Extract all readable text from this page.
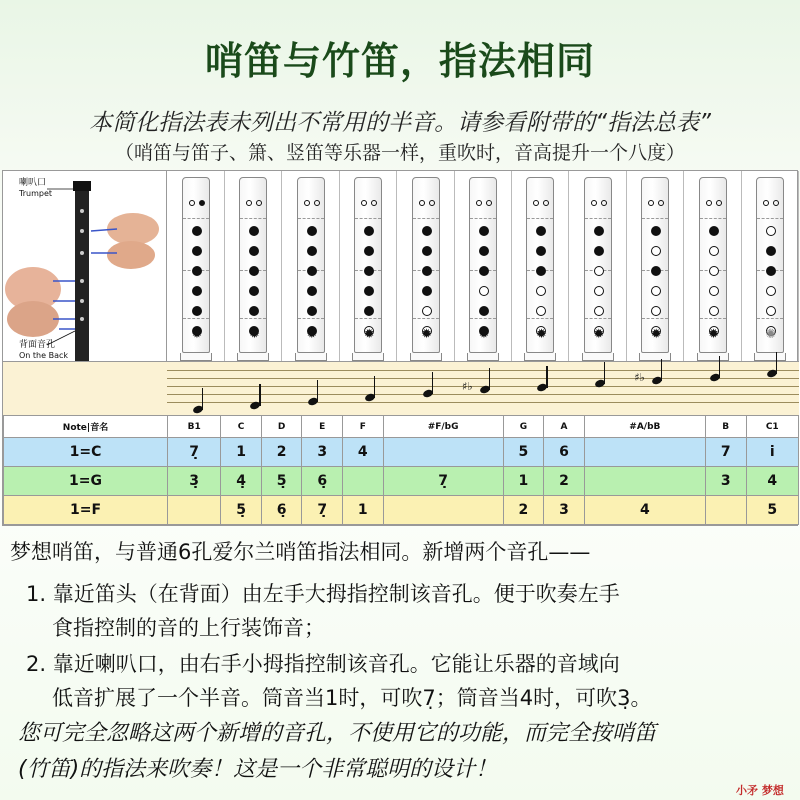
哨笛与竹笛，指法相同
本简化指法表未列出不常用的半音。请参看附带的“指法总表”
（哨笛与笛子、箫、竖笛等乐器一样，重吹时，音高提升一个八度）
喇叭口
Trumpet
背面音孔
On the Back
✹	✹	✹	✹	✹	✹	✹	✹	✹	✹	✺
♯♭
♯♭
Note|音名	B1	C	D	E	F	#F/bG	G	A	#A/bB	B	C1
1=C	7̣	1	2	3	4		5	6		7	i
1=G	3̣	4̣	5̣	6̣		7̣	1	2		3	4
1=F		5̣	6̣	7̣	1		2	3	4		5
梦想哨笛，与普通6孔爱尔兰哨笛指法相同。新增两个音孔——
1. 靠近笛头（在背面）由左手大拇指控制该音孔。便于吹奏左手
食指控制的音的上行装饰音；
2. 靠近喇叭口，由右手小拇指控制该音孔。它能让乐器的音域向
低音扩展了一个半音。筒音当1时，可吹7̣；筒音当4时，可吹3̣。
您可完全忽略这两个新增的音孔，不使用它的功能，而完全按哨笛
(竹笛)的指法来吹奏！这是一个非常聪明的设计！
小矛 梦想
